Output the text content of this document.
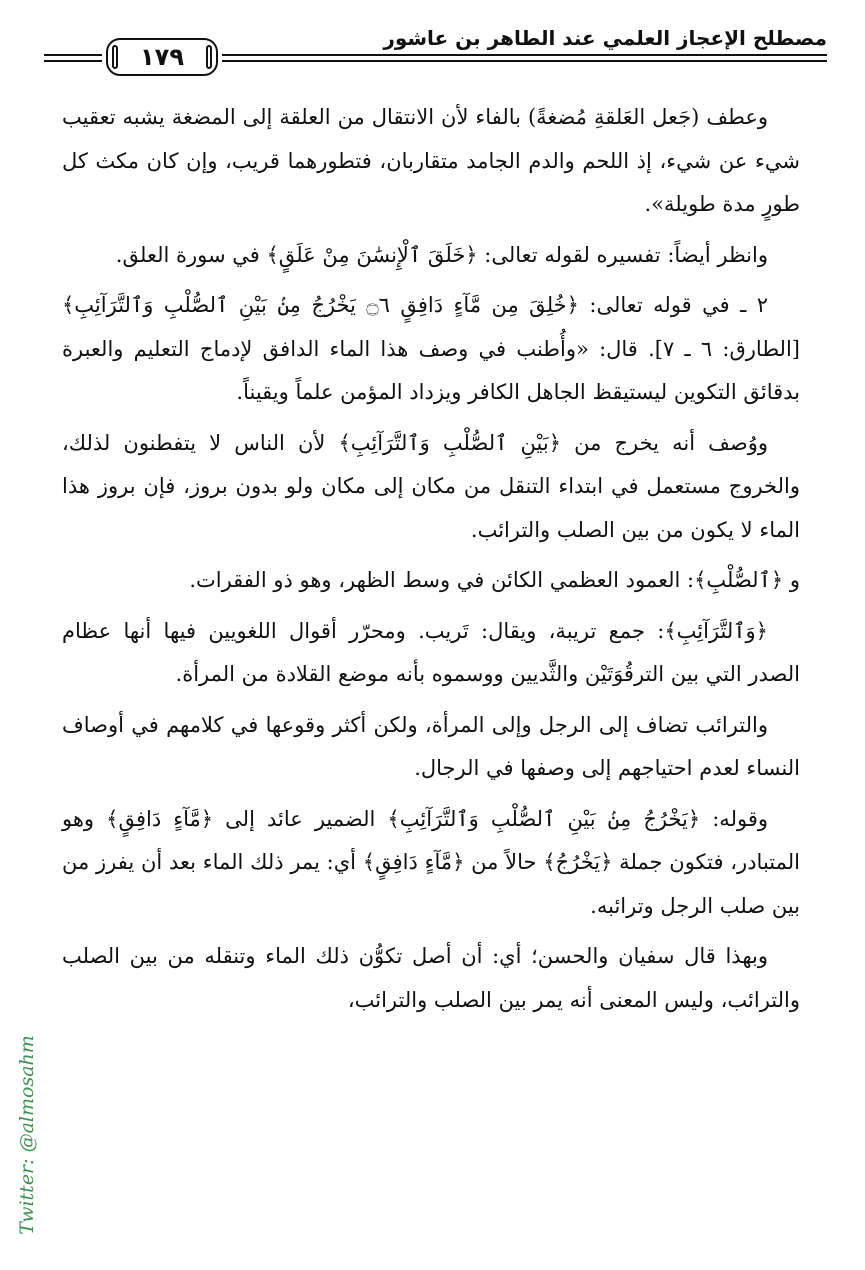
١٧٩
مصطلح الإعجاز العلمي عند الطاهر بن عاشور

وعطف (جَعل العَلقةِ مُضغةً) بالفاء لأن الانتقال من العلقة إلى المضغة يشبه تعقيب شيء عن شيء، إذ اللحم والدم الجامد متقاربان، فتطورهما قريب، وإن كان مكث كل طورٍ مدة طويلة».

وانظر أيضاً: تفسيره لقوله تعالى: ﴿خَلَقَ ٱلْإِنسَٰنَ مِنْ عَلَقٍ﴾ في سورة العلق.

٢ ـ في قوله تعالى: ﴿خُلِقَ مِن مَّآءٍ دَافِقٍ ۝٦ يَخْرُجُ مِنۢ بَيْنِ ٱلصُّلْبِ وَٱلتَّرَآئِبِ﴾ [الطارق: ٦ ـ ٧]. قال: «وأُطنب في وصف هذا الماء الدافق لإدماج التعليم والعبرة بدقائق التكوين ليستيقظ الجاهل الكافر ويزداد المؤمن علماً ويقيناً.

ووُصف أنه يخرج من ﴿بَيْنِ ٱلصُّلْبِ وَٱلتَّرَآئِبِ﴾ لأن الناس لا يتفطنون لذلك، والخروج مستعمل في ابتداء التنقل من مكان إلى مكان ولو بدون بروز، فإن بروز هذا الماء لا يكون من بين الصلب والترائب.

و ﴿ٱلصُّلْبِ﴾: العمود العظمي الكائن في وسط الظهر، وهو ذو الفقرات.

﴿وَٱلتَّرَآئِبِ﴾: جمع تريبة، ويقال: تَريب. ومحرّر أقوال اللغويين فيها أنها عظام الصدر التي بين الترقُوَتَيْن والثَّديين ووسموه بأنه موضع القلادة من المرأة.

والترائب تضاف إلى الرجل وإلى المرأة، ولكن أكثر وقوعها في كلامهم في أوصاف النساء لعدم احتياجهم إلى وصفها في الرجال.

وقوله: ﴿يَخْرُجُ مِنۢ بَيْنِ ٱلصُّلْبِ وَٱلتَّرَآئِبِ﴾ الضمير عائد إلى ﴿مَّآءٍ دَافِقٍ﴾ وهو المتبادر، فتكون جملة ﴿يَخْرُجُ﴾ حالاً من ﴿مَّآءٍ دَافِقٍ﴾ أي: يمر ذلك الماء بعد أن يفرز من بين صلب الرجل وترائبه.

وبهذا قال سفيان والحسن؛ أي: أن أصل تكوُّن ذلك الماء وتنقله من بين الصلب والترائب، وليس المعنى أنه يمر بين الصلب والترائب،

Twitter: @almosahm
